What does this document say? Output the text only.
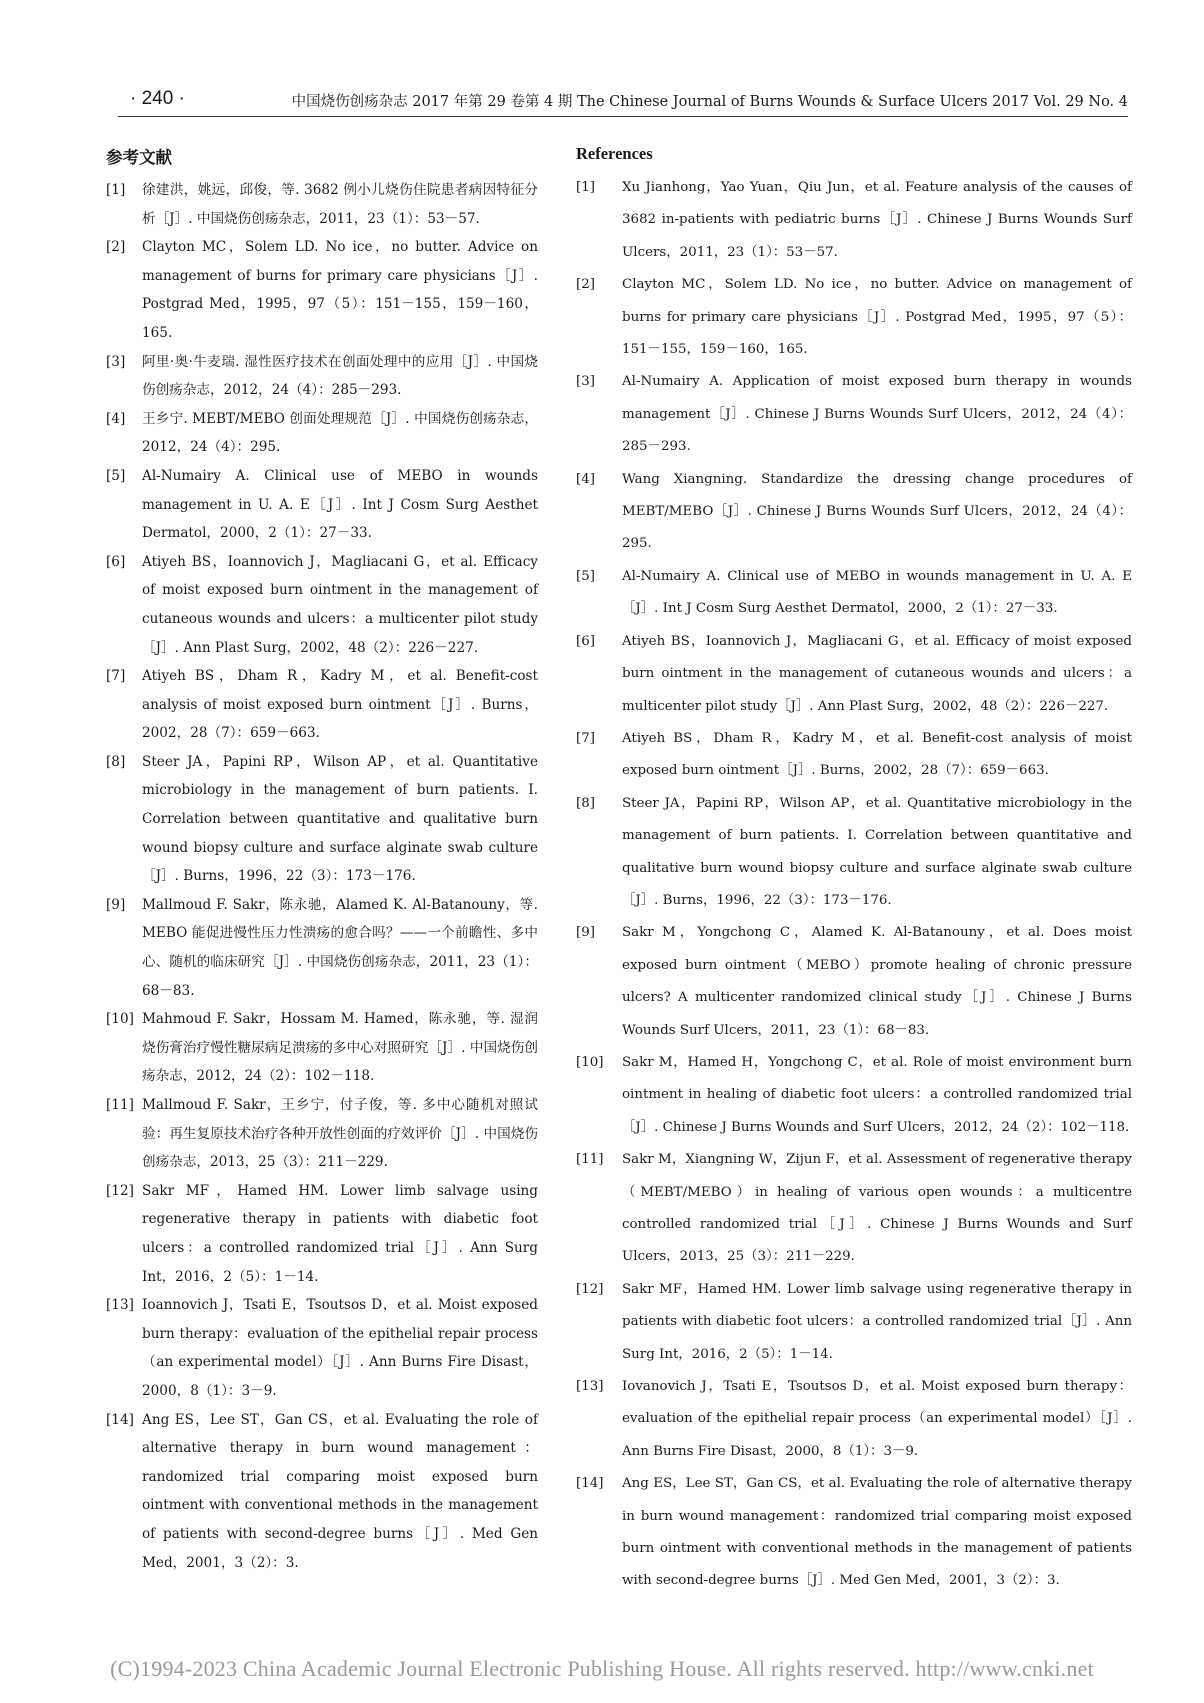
· 240 ·	中国烧伤创疡杂志 2017 年第 29 卷第 4 期 The Chinese Journal of Burns Wounds & Surface Ulcers 2017 Vol. 29 No. 4
参考文献
[1]	徐建洪，姚远，邱俊，等. 3682 例小儿烧伤住院患者病因特征分析［J］. 中国烧伤创疡杂志，2011，23（1）：53－57.
[2]	Clayton MC，Solem LD. No ice，no butter. Advice on management of burns for primary care physicians［J］. Postgrad Med，1995，97（5）：151－155，159－160，165.
[3]	阿里·奥·牛麦瑞. 湿性医疗技术在创面处理中的应用［J］. 中国烧伤创疡杂志，2012，24（4）：285－293.
[4]	王乡宁. MEBT/MEBO 创面处理规范［J］. 中国烧伤创疡杂志，2012，24（4）：295.
[5]	Al-Numairy A. Clinical use of MEBO in wounds management in U. A. E［J］. Int J Cosm Surg Aesthet Dermatol，2000，2（1）：27－33.
[6]	Atiyeh BS，Ioannovich J，Magliacani G，et al. Efficacy of moist exposed burn ointment in the management of cutaneous wounds and ulcers：a multicenter pilot study［J］. Ann Plast Surg，2002，48（2）：226－227.
[7]	Atiyeh BS，Dham R，Kadry M，et al. Benefit-cost analysis of moist exposed burn ointment［J］. Burns，2002，28（7）：659－663.
[8]	Steer JA，Papini RP，Wilson AP，et al. Quantitative microbiology in the management of burn patients. I. Correlation between quantitative and qualitative burn wound biopsy culture and surface alginate swab culture［J］. Burns，1996，22（3）：173－176.
[9]	Mallmoud F. Sakr，陈永驰，Alamed K. Al-Batanouny，等. MEBO 能促进慢性压力性溃疡的愈合吗？——一个前瞻性、多中心、随机的临床研究［J］. 中国烧伤创疡杂志，2011，23（1）：68－83.
[10] Mahmoud F. Sakr，Hossam M. Hamed，陈永驰，等. 湿润烧伤膏治疗慢性糖尿病足溃疡的多中心对照研究［J］. 中国烧伤创疡杂志，2012，24（2）：102－118.
[11] Mallmoud F. Sakr，王乡宁，付子俊，等. 多中心随机对照试验：再生复原技术治疗各种开放性创面的疗效评价［J］. 中国烧伤创疡杂志，2013，25（3）：211－229.
[12] Sakr MF，Hamed HM. Lower limb salvage using regenerative therapy in patients with diabetic foot ulcers：a controlled randomized trial［J］. Ann Surg Int，2016，2（5）：1－14.
[13] Ioannovich J，Tsati E，Tsoutsos D，et al. Moist exposed burn therapy：evaluation of the epithelial repair process（an experimental model）［J］. Ann Burns Fire Disast，2000，8（1）：3－9.
[14] Ang ES，Lee ST，Gan CS，et al. Evaluating the role of alternative therapy in burn wound management：randomized trial comparing moist exposed burn ointment with conventional methods in the management of patients with second-degree burns［J］. Med Gen Med，2001，3（2）：3.
References
[1]	Xu Jianhong，Yao Yuan，Qiu Jun，et al. Feature analysis of the causes of 3682 in-patients with pediatric burns［J］. Chinese J Burns Wounds Surf Ulcers，2011，23（1）：53－57.
[2]	Clayton MC，Solem LD. No ice，no butter. Advice on management of burns for primary care physicians［J］. Postgrad Med，1995，97（5）：151－155，159－160，165.
[3]	Al-Numairy A. Application of moist exposed burn therapy in wounds management［J］. Chinese J Burns Wounds Surf Ulcers，2012，24（4）：285－293.
[4]	Wang Xiangning. Standardize the dressing change procedures of MEBT/MEBO［J］. Chinese J Burns Wounds Surf Ulcers，2012，24（4）：295.
[5]	Al-Numairy A. Clinical use of MEBO in wounds management in U. A. E［J］. Int J Cosm Surg Aesthet Dermatol，2000，2（1）：27－33.
[6]	Atiyeh BS，Ioannovich J，Magliacani G，et al. Efficacy of moist exposed burn ointment in the management of cutaneous wounds and ulcers：a multicenter pilot study［J］. Ann Plast Surg，2002，48（2）：226－227.
[7]	Atiyeh BS，Dham R，Kadry M，et al. Benefit-cost analysis of moist exposed burn ointment［J］. Burns，2002，28（7）：659－663.
[8]	Steer JA，Papini RP，Wilson AP，et al. Quantitative microbiology in the management of burn patients. I. Correlation between quantitative and qualitative burn wound biopsy culture and surface alginate swab culture［J］. Burns，1996，22（3）：173－176.
[9]	Sakr M，Yongchong C，Alamed K. Al-Batanouny，et al. Does moist exposed burn ointment（MEBO）promote healing of chronic pressure ulcers? A multicenter randomized clinical study［J］. Chinese J Burns Wounds Surf Ulcers，2011，23（1）：68－83.
[10]	Sakr M，Hamed H，Yongchong C，et al. Role of moist environment burn ointment in healing of diabetic foot ulcers：a controlled randomized trial［J］. Chinese J Burns Wounds and Surf Ulcers，2012，24（2）：102－118.
[11]	Sakr M，Xiangning W，Zijun F，et al. Assessment of regenerative therapy（MEBT/MEBO）in healing of various open wounds：a multicentre controlled randomized trial［J］. Chinese J Burns Wounds and Surf Ulcers，2013，25（3）：211－229.
[12]	Sakr MF，Hamed HM. Lower limb salvage using regenerative therapy in patients with diabetic foot ulcers：a controlled randomized trial［J］. Ann Surg Int，2016，2（5）：1－14.
[13]	Iovanovich J，Tsati E，Tsoutsos D，et al. Moist exposed burn therapy：evaluation of the epithelial repair process（an experimental model）［J］. Ann Burns Fire Disast，2000，8（1）：3－9.
[14]	Ang ES，Lee ST，Gan CS，et al. Evaluating the role of alternative therapy in burn wound management：randomized trial comparing moist exposed burn ointment with conventional methods in the management of patients with second-degree burns［J］. Med Gen Med，2001，3（2）：3.
(C)1994-2023 China Academic Journal Electronic Publishing House. All rights reserved. http://www.cnki.net
